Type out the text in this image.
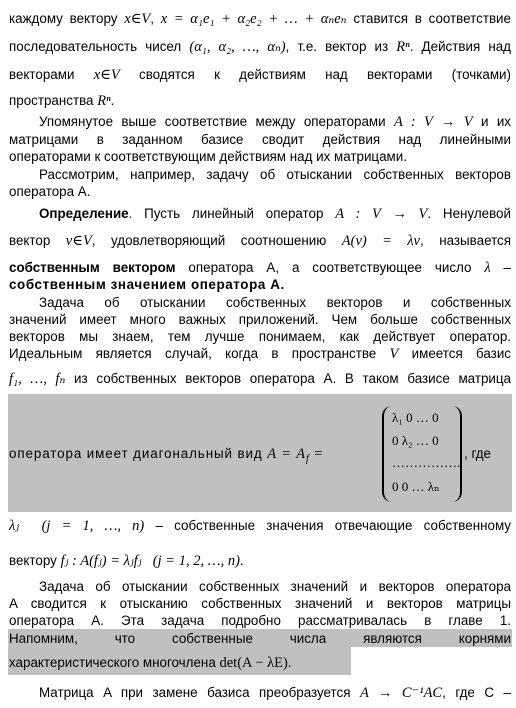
каждому вектору x∈V, x = α₁e₁ + α₂e₂ + … + αₙeₙ ставится в соответствие
последовательность чисел (α₁, α₂, …, αₙ), т.е. вектор из Rⁿ. Действия над
векторами x∈V сводятся к действиям над векторами (точками)
пространства Rⁿ.
Упомянутое выше соответствие между операторами A : V → V и их
матрицами в заданном базисе сводит действия над линейными
операторами к соответствующим действиям над их матрицами.
Рассмотрим, например, задачу об отыскании собственных векторов
оператора A.
Определение. Пусть линейный оператор A : V → V. Ненулевой
вектор v∈V, удовлетворяющий соотношению A(v) = λv, называется
собственным вектором оператора A, а соответствующее число λ –
собственным значением оператора A.
Задача об отыскании собственных векторов и собственных
значений имеет много важных приложений. Чем больше собственных
векторов мы знаем, тем лучше понимаем, как действует оператор.
Идеальным является случай, когда в пространстве V имеется базис
f₁, …, fₙ из собственных векторов оператора A. В таком базисе матрица
оператора имеет диагональный вид $A = A_f$ =
λ₁ 0 … 0
0 λ₂ … 0
…………….
0 0 … λₙ
, где
λⱼ (j = 1, …, n) – собственные значения отвечающие собственному
вектору fⱼ : A(fⱼ) = λⱼfⱼ (j = 1, 2, …, n).
Задача об отыскании собственных значений и векторов оператора
A сводится к отысканию собственных значений и векторов матрицы
оператора A. Эта задача подробно рассматривалась в главе 1.
Напомним, что собственные числа являются корнями
характеристического многочлена det(A − λE).
Матрица A при замене базиса преобразуется A → C⁻¹AC, где C –
